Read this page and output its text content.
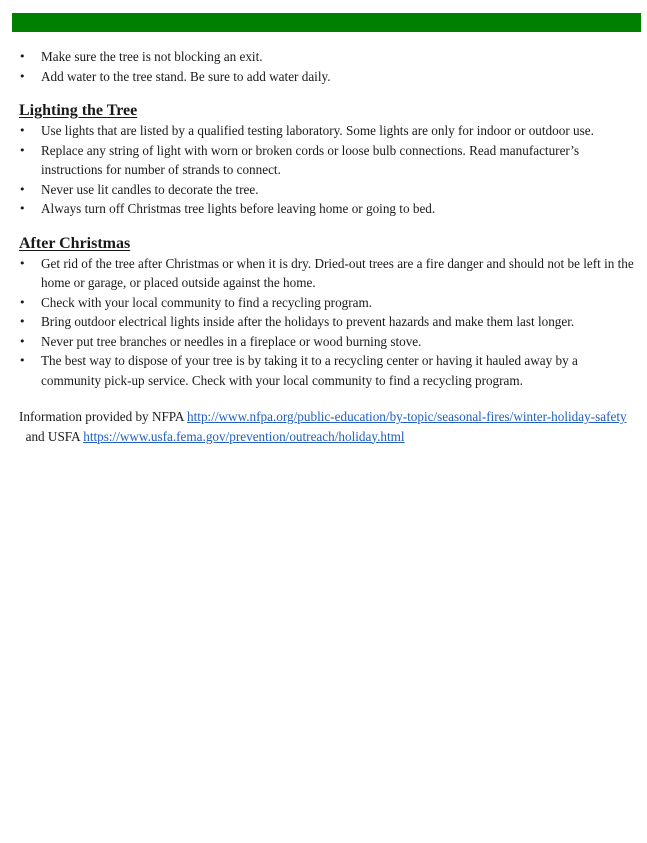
• Make sure the tree is not blocking an exit.
• Add water to the tree stand. Be sure to add water daily.
Lighting the Tree
• Use lights that are listed by a qualified testing laboratory. Some lights are only for indoor or outdoor use.
• Replace any string of light with worn or broken cords or loose bulb connections. Read manufacturer’s instructions for number of strands to connect.
• Never use lit candles to decorate the tree.
• Always turn off Christmas tree lights before leaving home or going to bed.
After Christmas
• Get rid of the tree after Christmas or when it is dry. Dried-out trees are a fire danger and should not be left in the home or garage, or placed outside against the home.
• Check with your local community to find a recycling program.
• Bring outdoor electrical lights inside after the holidays to prevent hazards and make them last longer.
• Never put tree branches or needles in a fireplace or wood burning stove.
• The best way to dispose of your tree is by taking it to a recycling center or having it hauled away by a community pick-up service. Check with your local community to find a recycling program.

Information provided by NFPA http://www.nfpa.org/public-education/by-topic/seasonal-fires/winter-holiday-safety  and USFA https://www.usfa.fema.gov/prevention/outreach/holiday.html
